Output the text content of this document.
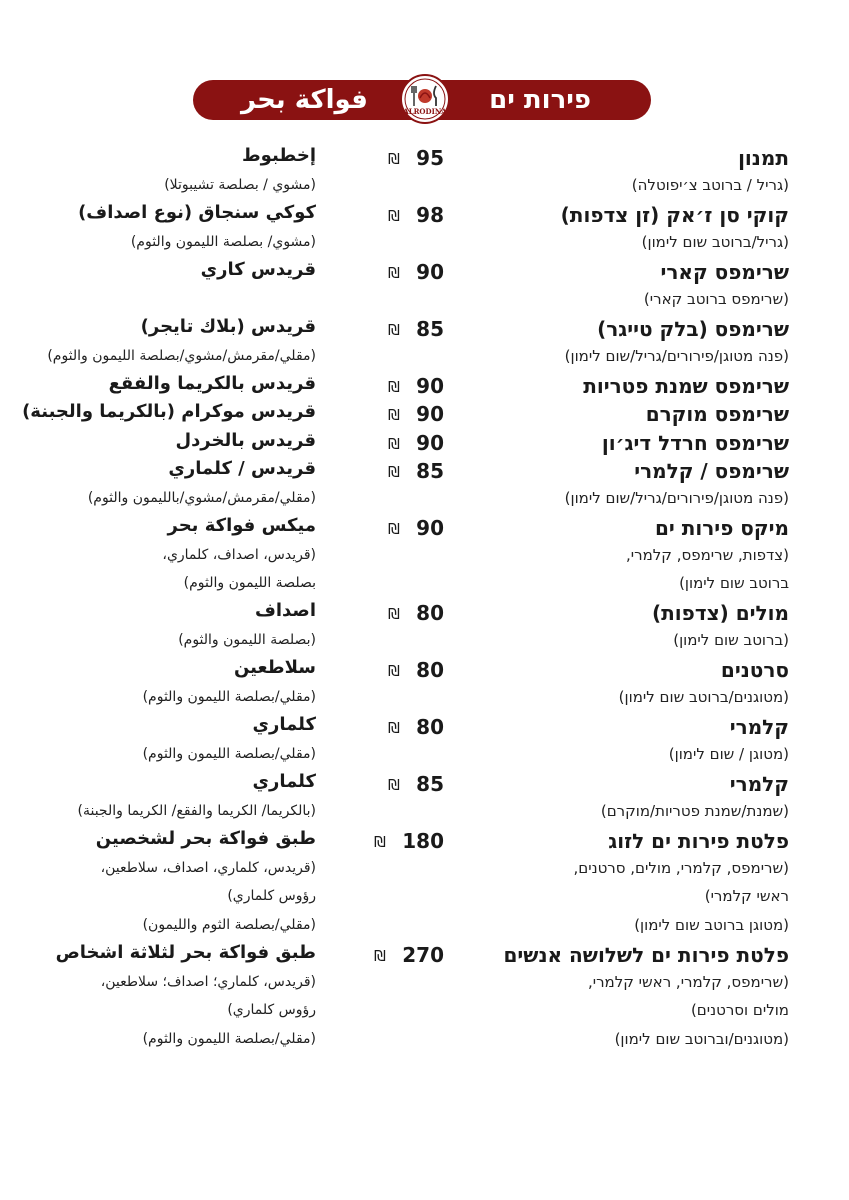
פירות ים
فواكة بحر	ALRODINA
תמנון
(גריל / ברוטב צ׳יפוטלה)
95
₪
إخطبوط
(مشوي / بصلصة تشيبوتلا)
קוקי סן ז׳אק (זן צדפות)
(גריל/ברוטב שום לימון)
98
₪
كوكي سنجاق (نوع اصداف)
(مشوي/ بصلصة الليمون والثوم)
שרימפס קארי
(שרימפס ברוטב קארי)
90
₪
قريدس كاري
שרימפס (בלק טייגר)
(פנה מטוגן/פירורים/גריל/שום לימון)
85
₪
قريدس (بلاك تايجر)
(مقلي/مقرمش/مشوي/بصلصة الليمون والثوم)
שרימפס שמנת פטריות
90
₪
قريدس بالكريما والفقع
שרימפס מוקרם
90
₪
قريدس موكرام (بالكريما والجبنة)
שרימפס חרדל דיג׳ון
90
₪
قريدس بالخردل
שרימפס / קלמרי
(פנה מטוגן/פירורים/גריל/שום לימון)
85
₪
قريدس / كلماري
(مقلي/مقرمش/مشوي/بالليمون والثوم)
מיקס פירות ים
(צדפות, שרימפס, קלמרי,
ברוטב שום לימון)
90
₪
ميكس فواكة بحر
(قريدس، اصداف، كلماري،
بصلصة الليمون والثوم)
מולים (צדפות)
(ברוטב שום לימון)
80
₪
اصداف
(بصلصة الليمون والثوم)
סרטנים
(מטוגנים/ברוטב שום לימון)
80
₪
سلاطعين
(مقلي/بصلصة الليمون والثوم)
קלמרי
(מטוגן / שום לימון)
80
₪
كلماري
(مقلي/بصلصة الليمون والثوم)
קלמרי
(שמנת/שמנת פטריות/מוקרם)
85
₪
كلماري
(بالكريما/ الكريما والفقع/ الكريما والجبنة)
פלטת פירות ים לזוג
(שרימפס, קלמרי, מולים, סרטנים,
ראשי קלמרי)
(מטוגן ברוטב שום לימון)
180
₪
طبق فواكة بحر لشخصين
(قريدس، كلماري، اصداف، سلاطعين،
رؤوس كلماري)
(مقلي/بصلصة الثوم والليمون)
פלטת פירות ים לשלושה אנשים
(שרימפס, קלמרי, ראשי קלמרי,
מולים וסרטנים)
(מטוגנים/וברוטב שום לימון)
270
₪
طبق فواكة بحر لثلاثة اشخاص
(قريدس، كلماري؛ اصداف؛ سلاطعين،
رؤوس كلماري)
(مقلي/بصلصة الليمون والثوم)
